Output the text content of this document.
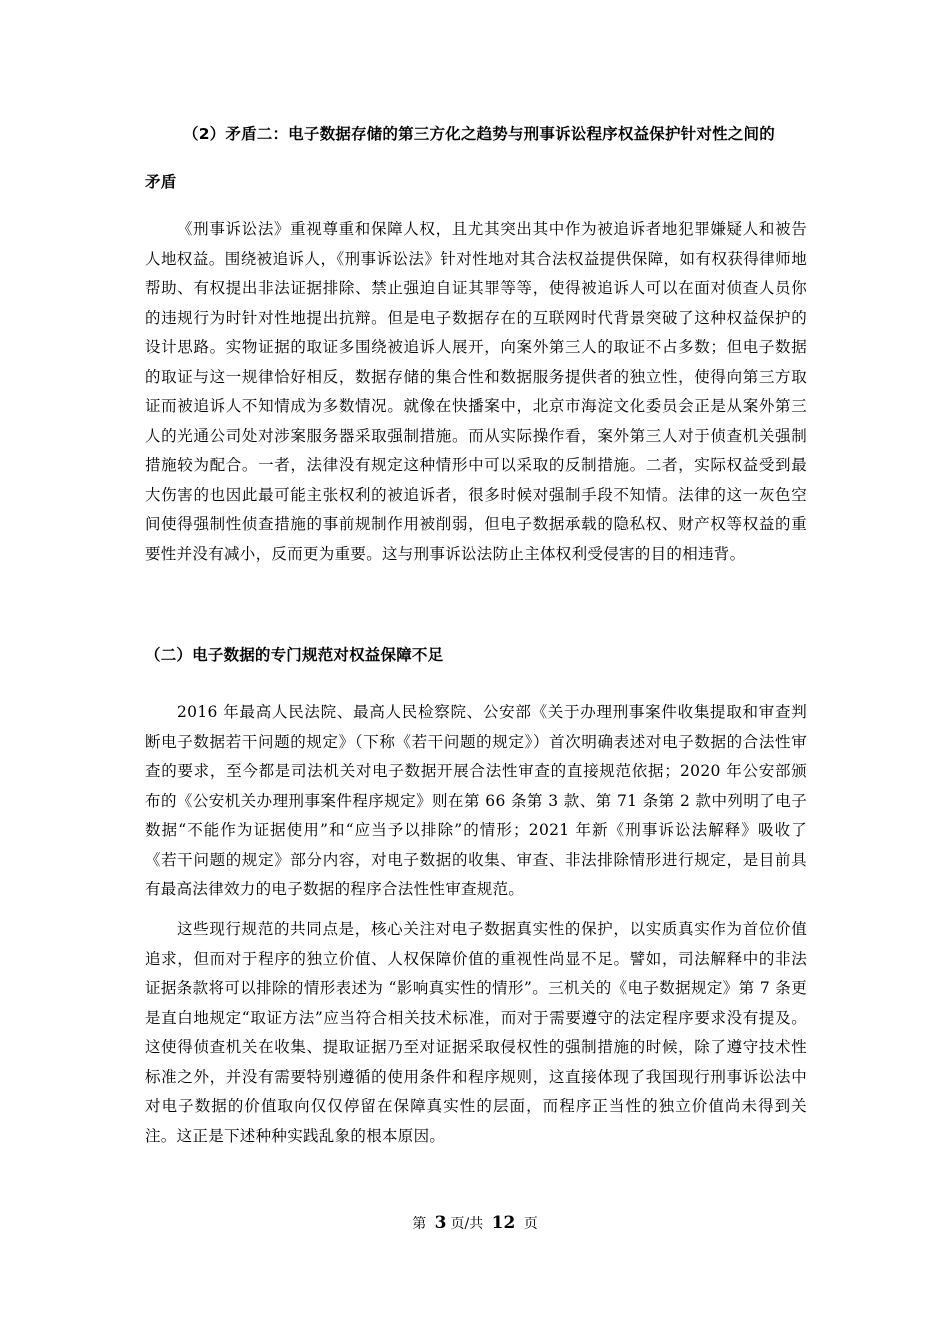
（2）矛盾二：电子数据存储的第三方化之趋势与刑事诉讼程序权益保护针对性之间的
矛盾

《刑事诉讼法》重视尊重和保障人权，且尤其突出其中作为被追诉者地犯罪嫌疑人和被告人地权益。围绕被追诉人，《刑事诉讼法》针对性地对其合法权益提供保障，如有权获得律师地帮助、有权提出非法证据排除、禁止强迫自证其罪等等，使得被追诉人可以在面对侦查人员你的违规行为时针对性地提出抗辩。但是电子数据存在的互联网时代背景突破了这种权益保护的设计思路。实物证据的取证多围绕被追诉人展开，向案外第三人的取证不占多数；但电子数据的取证与这一规律恰好相反，数据存储的集合性和数据服务提供者的独立性，使得向第三方取证而被追诉人不知情成为多数情况。就像在快播案中，北京市海淀文化委员会正是从案外第三人的光通公司处对涉案服务器采取强制措施。而从实际操作看，案外第三人对于侦查机关强制措施较为配合。一者，法律没有规定这种情形中可以采取的反制措施。二者，实际权益受到最大伤害的也因此最可能主张权利的被追诉者，很多时候对强制手段不知情。法律的这一灰色空间使得强制性侦查措施的事前规制作用被削弱，但电子数据承载的隐私权、财产权等权益的重要性并没有减小，反而更为重要。这与刑事诉讼法防止主体权利受侵害的目的相违背。

（二）电子数据的专门规范对权益保障不足

2016 年最高人民法院、最高人民检察院、公安部《关于办理刑事案件收集提取和审查判断电子数据若干问题的规定》（下称《若干问题的规定》）首次明确表述对电子数据的合法性审查的要求，至今都是司法机关对电子数据开展合法性审查的直接规范依据；2020 年公安部颁布的《公安机关办理刑事案件程序规定》则在第 66 条第 3 款、第 71 条第 2 款中列明了电子数据“不能作为证据使用”和“应当予以排除”的情形；2021 年新《刑事诉讼法解释》吸收了《若干问题的规定》部分内容，对电子数据的收集、审查、非法排除情形进行规定，是目前具有最高法律效力的电子数据的程序合法性性审查规范。

这些现行规范的共同点是，核心关注对电子数据真实性的保护，以实质真实作为首位价值追求，但而对于程序的独立价值、人权保障价值的重视性尚显不足。譬如，司法解释中的非法证据条款将可以排除的情形表述为 “影响真实性的情形”。三机关的《电子数据规定》第 7 条更是直白地规定“取证方法”应当符合相关技术标准，而对于需要遵守的法定程序要求没有提及。这使得侦查机关在收集、提取证据乃至对证据采取侵权性的强制措施的时候，除了遵守技术性标准之外，并没有需要特别遵循的使用条件和程序规则，这直接体现了我国现行刑事诉讼法中对电子数据的价值取向仅仅停留在保障真实性的层面，而程序正当性的独立价值尚未得到关注。这正是下述种种实践乱象的根本原因。

第 3 页/共 12 页
